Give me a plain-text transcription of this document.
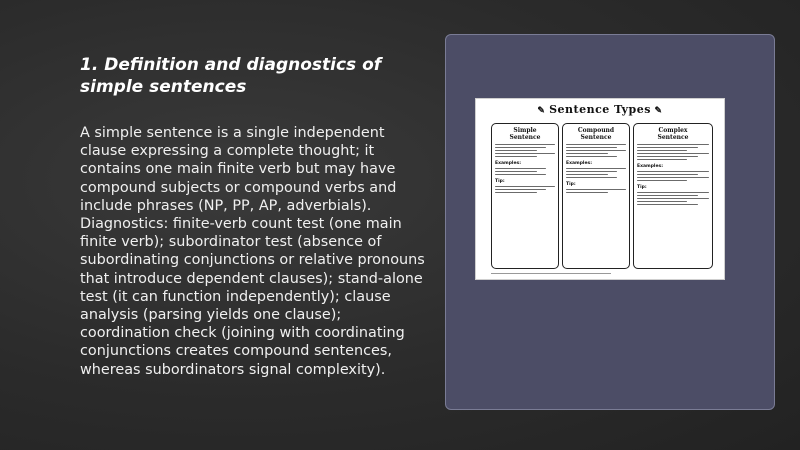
1. Definition and diagnostics of simple sentences

A simple sentence is a single independent clause expressing a complete thought; it contains one main finite verb but may have compound subjects or compound verbs and include phrases (NP, PP, AP, adverbials). Diagnostics: finite-verb count test (one main finite verb); subordinator test (absence of subordinating conjunctions or relative pronouns that introduce dependent clauses); stand-alone test (it can function independently); clause analysis (parsing yields one clause); coordination check (joining with coordinating conjunctions creates compound sentences, whereas subordinators signal complexity).

✎ Sentence Types ✎
Simple
Sentence
Examples:
Tip:
Compound
Sentence
Examples:
Tip:
Complex
Sentence
Examples:
Tip:
